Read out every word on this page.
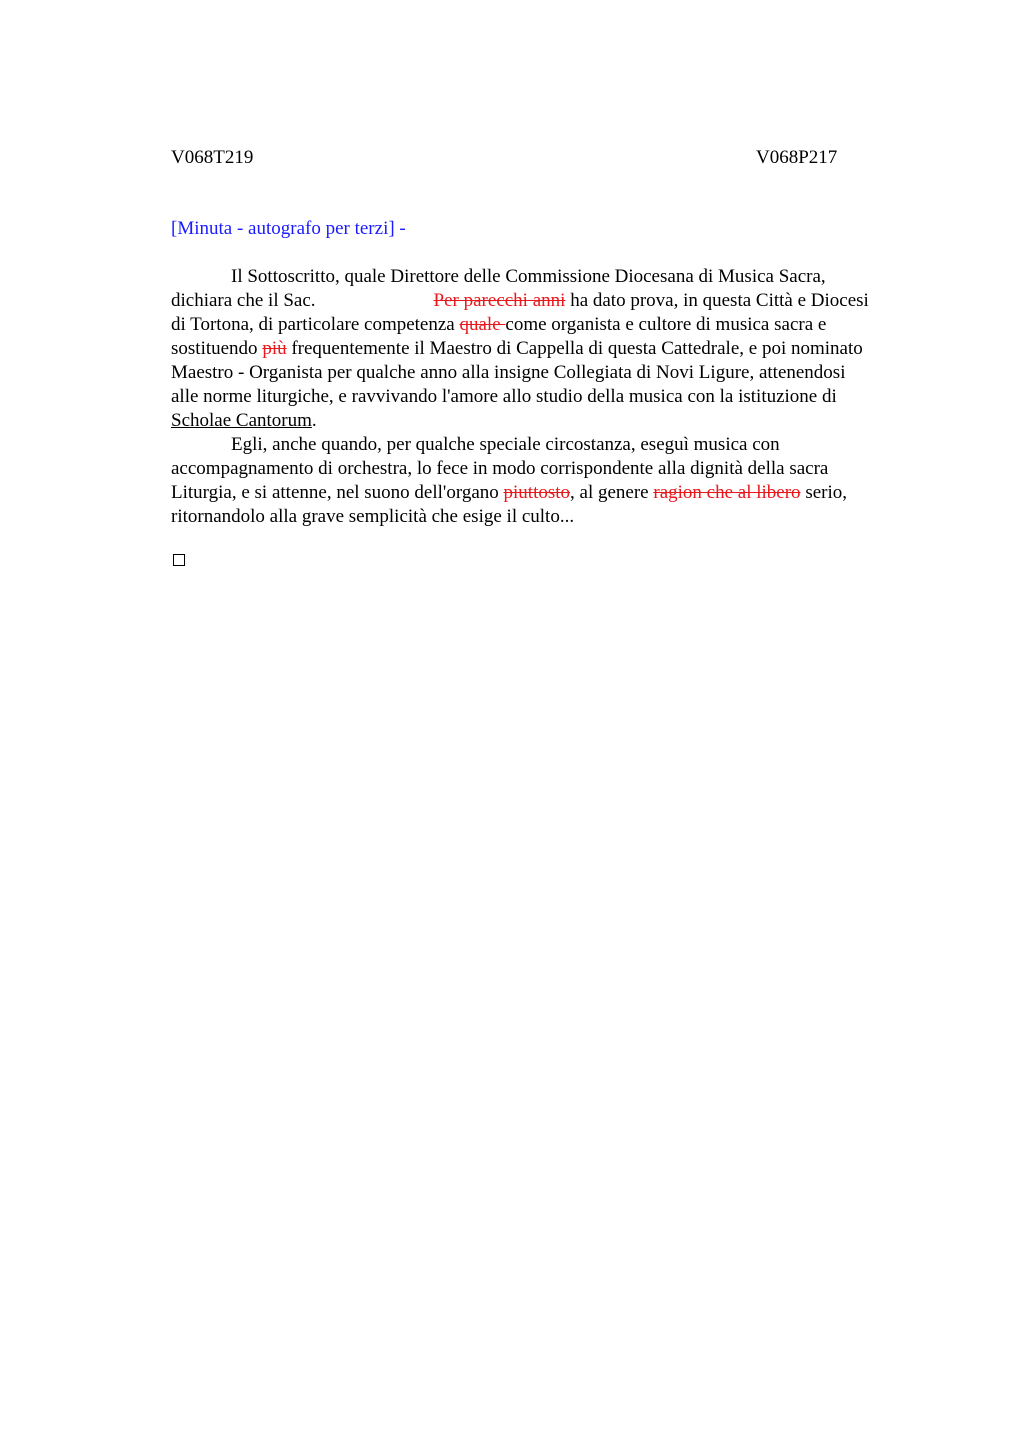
V068T219	V068P217
[Minuta - autografo per terzi] -

Il Sottoscritto, quale Direttore delle Commissione Diocesana di Musica Sacra,
dichiara che il Sac.	Per parecchi anni ha dato prova, in questa Città e Diocesi
di Tortona, di particolare competenza quale come organista e cultore di musica sacra e
sostituendo più frequentemente il Maestro di Cappella di questa Cattedrale, e poi nominato
Maestro - Organista per qualche anno alla insigne Collegiata di Novi Ligure, attenendosi
alle norme liturgiche, e ravvivando l'amore allo studio della musica con la istituzione di
Scholae Cantorum.

Egli, anche quando, per qualche speciale circostanza, eseguì musica con
accompagnamento di orchestra, lo fece in modo corrispondente alla dignità della sacra
Liturgia, e si attenne, nel suono dell'organo piuttosto, al genere ragion che al libero serio,
ritornandolo alla grave semplicità che esige il culto...
